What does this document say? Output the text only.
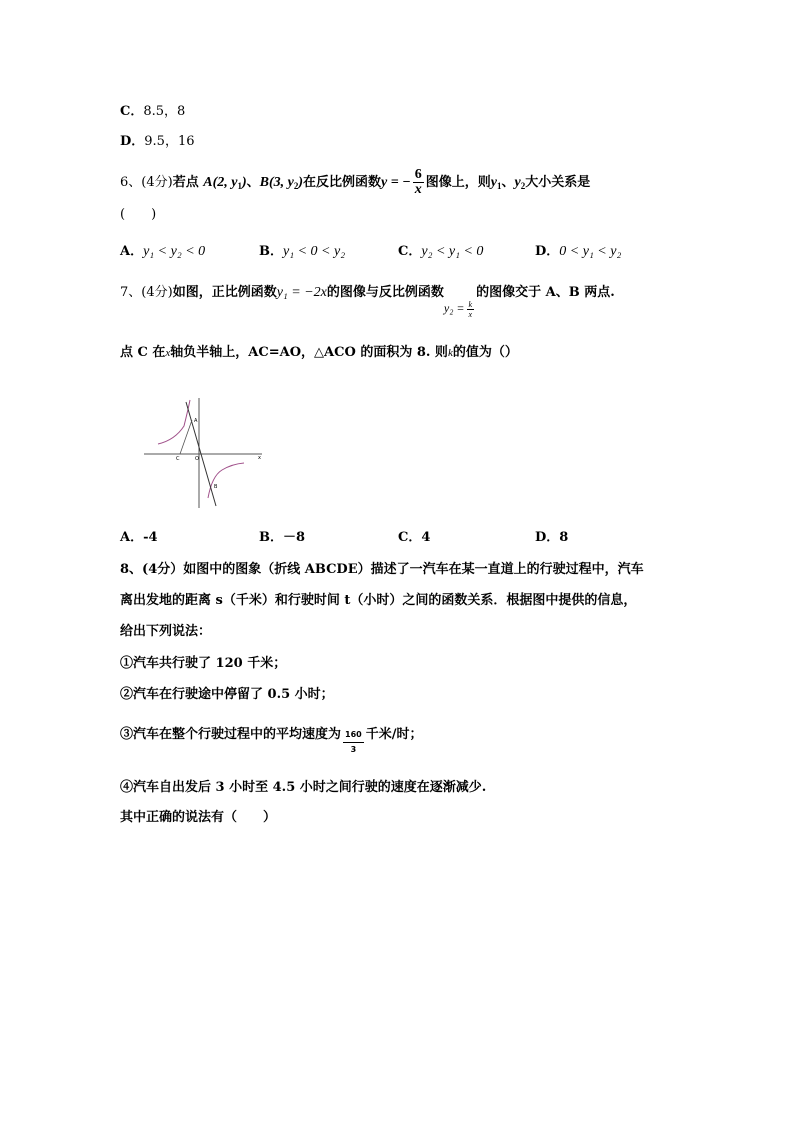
C．8.5，8
D．9.5，16
6、(4分)若点 A(2, $y_1$)、B(3, $y_2$)在反比例函数y = − $\frac{6}{x}$ 图像上，则$y_1$、$y_2$大小关系是
(　　)
A．y₁ < y₂ < 0	B．y₁ < 0 < y₂	C．y₂ < y₁ < 0	D．0 < y₁ < y₂
7、(4分)如图，正比例函数y₁ = −2x的图像与反比例函数$y_2 = \frac{k}{x}$
的图像交于 A、B 两点.
点 C 在x轴负半轴上，AC=AO，△ACO 的面积为 8. 则k的值为（）
A
C	O
B
x
A．-4	B．－8	C．4	D．8
8、(4分）如图中的图象（折线 ABCDE）描述了一汽车在某一直道上的行驶过程中，汽车
离出发地的距离 s（千米）和行驶时间 t（小时）之间的函数关系．根据图中提供的信息，
给出下列说法：
①汽车共行驶了 120 千米；
②汽车在行驶途中停留了 0.5 小时；
③汽车在整个行驶过程中的平均速度为 $\frac{160}{3}$ 千米/时；
④汽车自出发后 3 小时至 4.5 小时之间行驶的速度在逐渐减少.
其中正确的说法有（　　）
